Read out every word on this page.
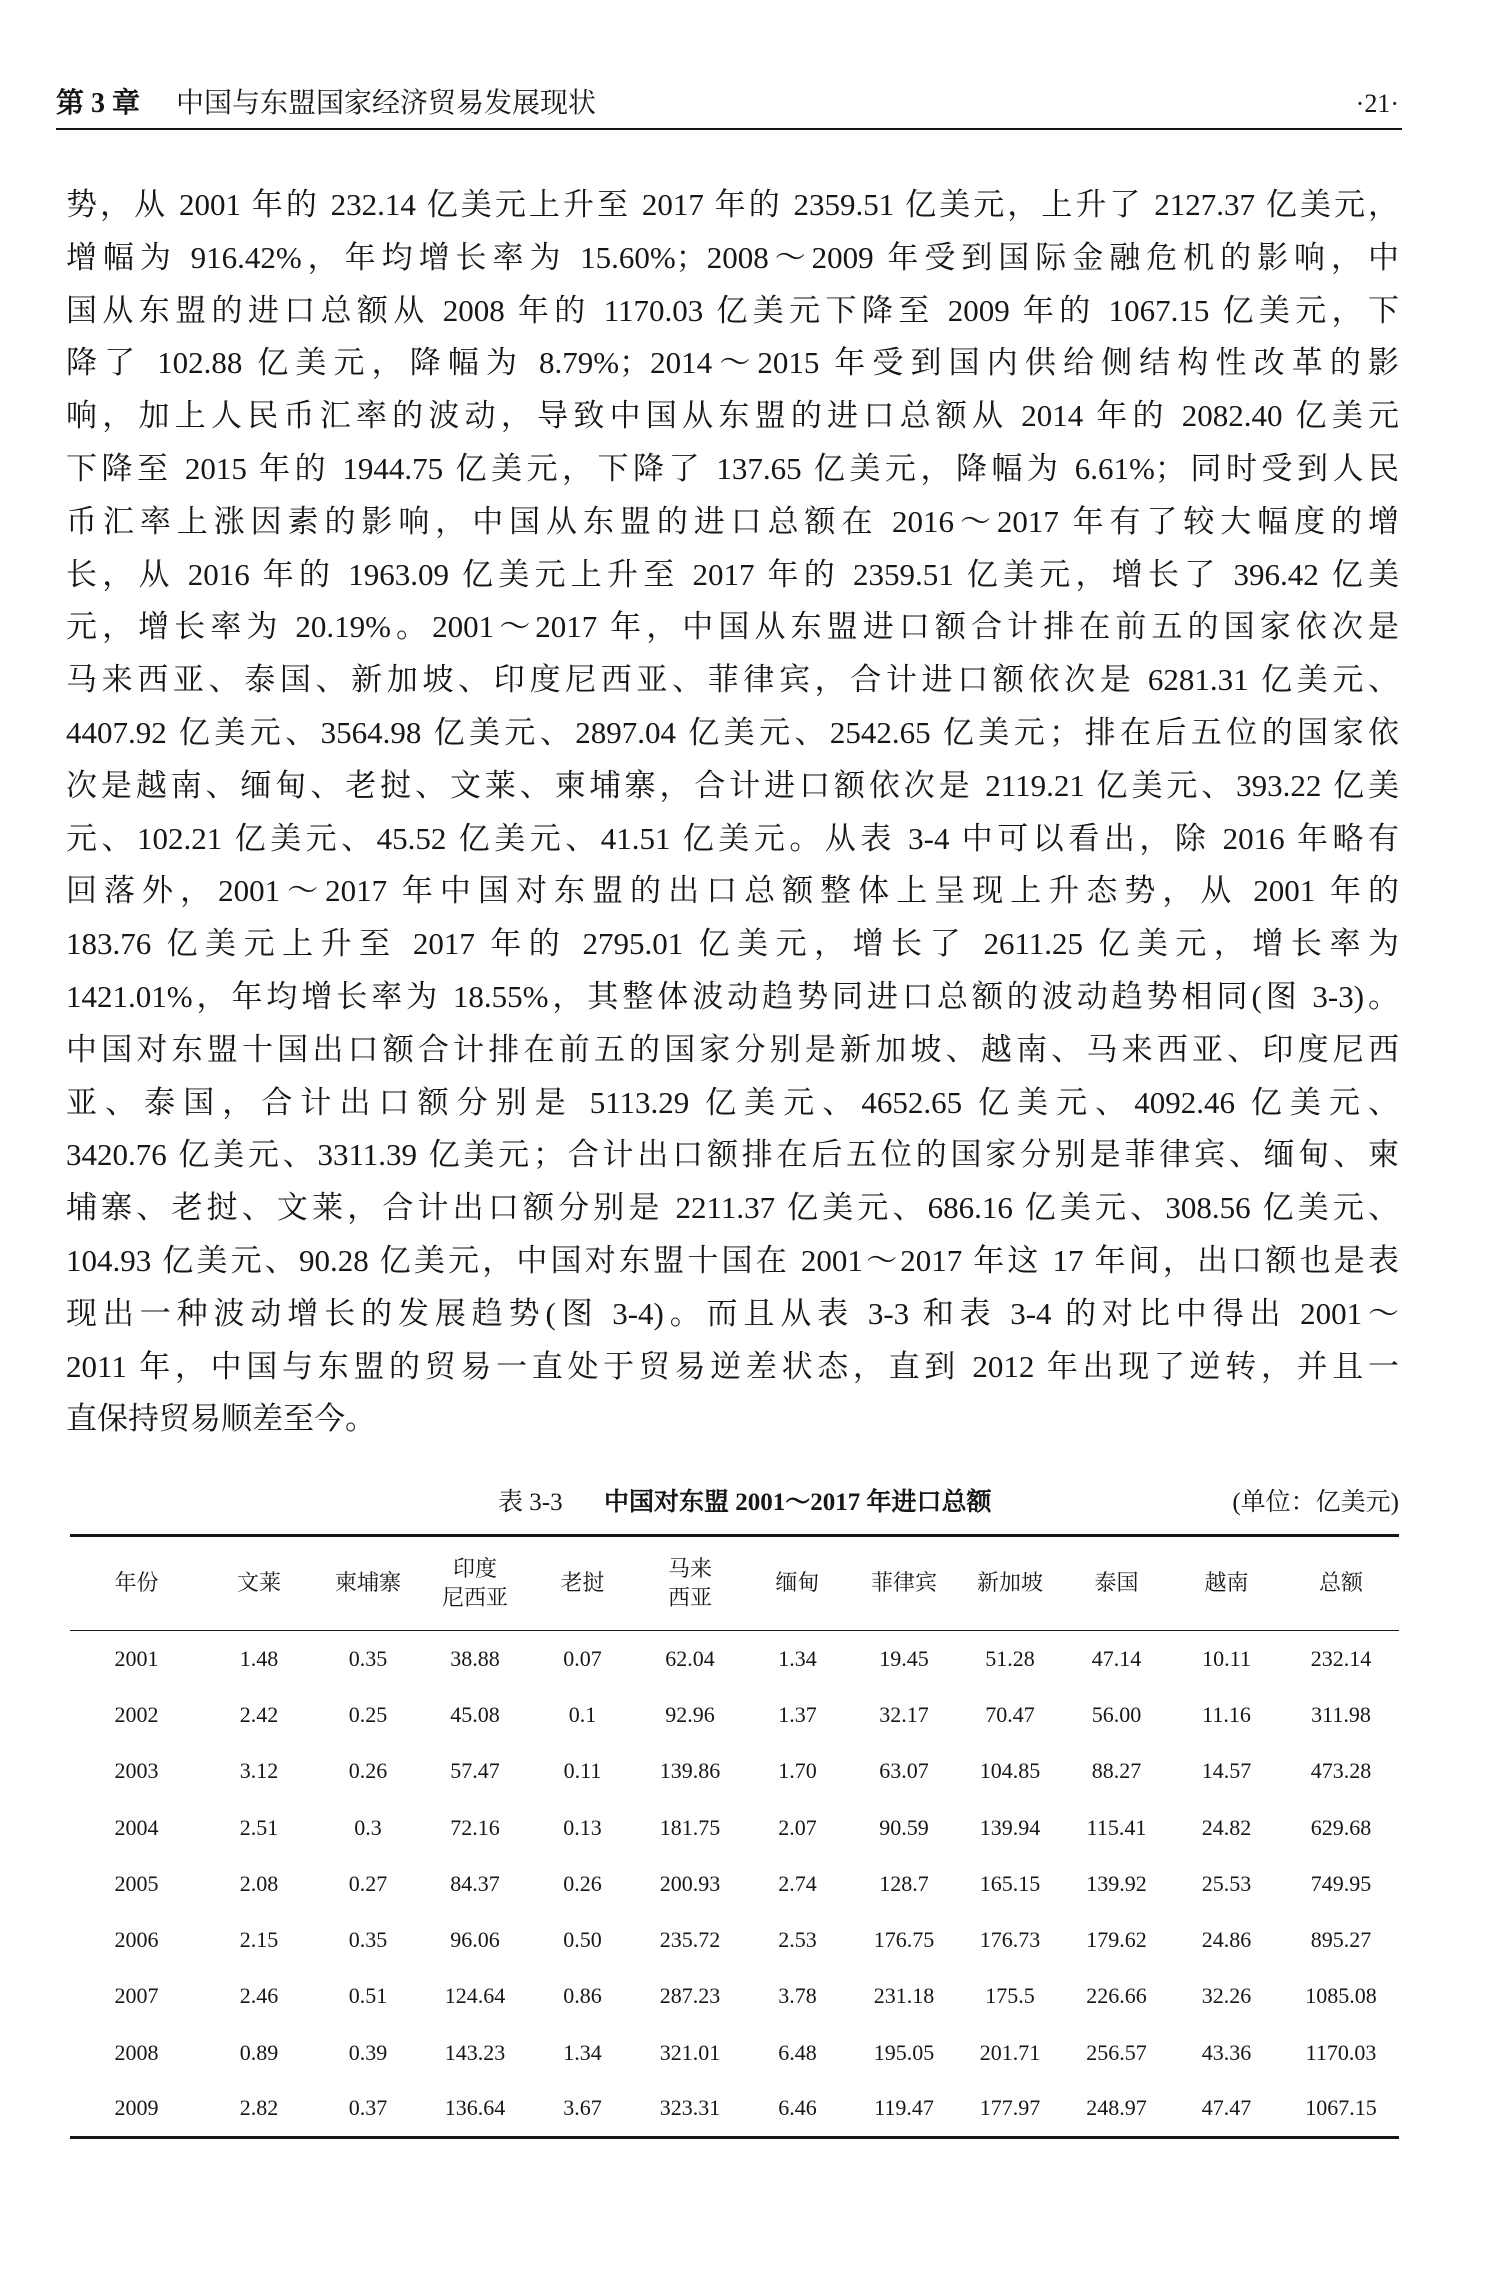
第 3 章 中国与东盟国家经济贸易发展现状	·21·
势，从 2001 年的 232.14 亿美元上升至 2017 年的 2359.51 亿美元，上升了 2127.37 亿美元，
增幅为 916.42%，年均增长率为 15.60%；2008～2009 年受到国际金融危机的影响，中
国从东盟的进口总额从 2008 年的 1170.03 亿美元下降至 2009 年的 1067.15 亿美元，下
降了 102.88 亿美元，降幅为 8.79%；2014～2015 年受到国内供给侧结构性改革的影
响，加上人民币汇率的波动，导致中国从东盟的进口总额从 2014 年的 2082.40 亿美元
下降至 2015 年的 1944.75 亿美元，下降了 137.65 亿美元，降幅为 6.61%；同时受到人民
币汇率上涨因素的影响，中国从东盟的进口总额在 2016～2017 年有了较大幅度的增
长，从 2016 年的 1963.09 亿美元上升至 2017 年的 2359.51 亿美元，增长了 396.42 亿美
元，增长率为 20.19%。2001～2017 年，中国从东盟进口额合计排在前五的国家依次是
马来西亚、泰国、新加坡、印度尼西亚、菲律宾，合计进口额依次是 6281.31 亿美元、
4407.92 亿美元、3564.98 亿美元、2897.04 亿美元、2542.65 亿美元；排在后五位的国家依
次是越南、缅甸、老挝、文莱、柬埔寨，合计进口额依次是 2119.21 亿美元、393.22 亿美
元、102.21 亿美元、45.52 亿美元、41.51 亿美元。从表 3-4 中可以看出，除 2016 年略有
回落外，2001～2017 年中国对东盟的出口总额整体上呈现上升态势，从 2001 年的
183.76 亿美元上升至 2017 年的 2795.01 亿美元，增长了 2611.25 亿美元，增长率为
1421.01%，年均增长率为 18.55%，其整体波动趋势同进口总额的波动趋势相同(图 3-3)。
中国对东盟十国出口额合计排在前五的国家分别是新加坡、越南、马来西亚、印度尼西
亚、泰国，合计出口额分别是 5113.29 亿美元、4652.65 亿美元、4092.46 亿美元、
3420.76 亿美元、3311.39 亿美元；合计出口额排在后五位的国家分别是菲律宾、缅甸、柬
埔寨、老挝、文莱，合计出口额分别是 2211.37 亿美元、686.16 亿美元、308.56 亿美元、
104.93 亿美元、90.28 亿美元，中国对东盟十国在 2001～2017 年这 17 年间，出口额也是表
现出一种波动增长的发展趋势(图 3-4)。而且从表 3-3 和表 3-4 的对比中得出 2001～
2011 年，中国与东盟的贸易一直处于贸易逆差状态，直到 2012 年出现了逆转，并且一
直保持贸易顺差至今。
表 3-3 中国对东盟 2001～2017 年进口总额	(单位：亿美元)
年份	文莱	柬埔寨	印度
尼西亚	老挝	马来
西亚	缅甸	菲律宾	新加坡	泰国	越南	总额
2001	1.48	0.35	38.88	0.07	62.04	1.34	19.45	51.28	47.14	10.11	232.14
2002	2.42	0.25	45.08	0.1	92.96	1.37	32.17	70.47	56.00	11.16	311.98
2003	3.12	0.26	57.47	0.11	139.86	1.70	63.07	104.85	88.27	14.57	473.28
2004	2.51	0.3	72.16	0.13	181.75	2.07	90.59	139.94	115.41	24.82	629.68
2005	2.08	0.27	84.37	0.26	200.93	2.74	128.7	165.15	139.92	25.53	749.95
2006	2.15	0.35	96.06	0.50	235.72	2.53	176.75	176.73	179.62	24.86	895.27
2007	2.46	0.51	124.64	0.86	287.23	3.78	231.18	175.5	226.66	32.26	1085.08
2008	0.89	0.39	143.23	1.34	321.01	6.48	195.05	201.71	256.57	43.36	1170.03
2009	2.82	0.37	136.64	3.67	323.31	6.46	119.47	177.97	248.97	47.47	1067.15
